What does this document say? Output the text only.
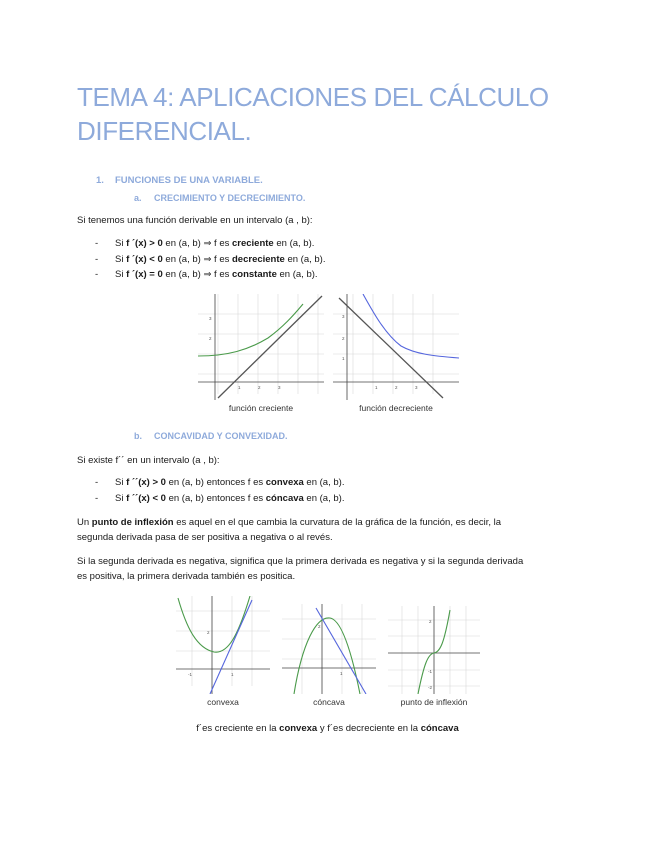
TEMA 4: APLICACIONES DEL CÁLCULO DIFERENCIAL.
1. FUNCIONES DE UNA VARIABLE.
a. CRECIMIENTO Y DECRECIMIENTO.
Si tenemos una función derivable en un intervalo (a , b):
- Si f ´(x) > 0 en (a, b) ⇒ f es creciente en (a, b).
- Si f ´(x) < 0 en (a, b) ⇒ f es decreciente en (a, b).
- Si f ´(x) = 0 en (a, b) ⇒ f es constante en (a, b).
2
3
1	2	3
función creciente
3
2
1
1	2	3
función decreciente
b. CONCAVIDAD Y CONVEXIDAD.
Si existe f´´ en un intervalo (a , b):
- Si f ´´(x) > 0 en (a, b) entonces f es convexa en (a, b).
- Si f ´´(x) < 0 en (a, b) entonces f es cóncava en (a, b).
Un punto de inflexión es aquel en el que cambia la curvatura de la gráfica de la función, es decir, la
segunda derivada pasa de ser positiva a negativa o al revés.
Si la segunda derivada es negativa, significa que la primera derivada es negativa y si la segunda derivada
es positiva, la primera derivada también es positica.
-1	1
2
convexa
2
1
cóncava
2
-1
-2
punto de inflexión
f´es creciente en la convexa y f´es decreciente en la cóncava
